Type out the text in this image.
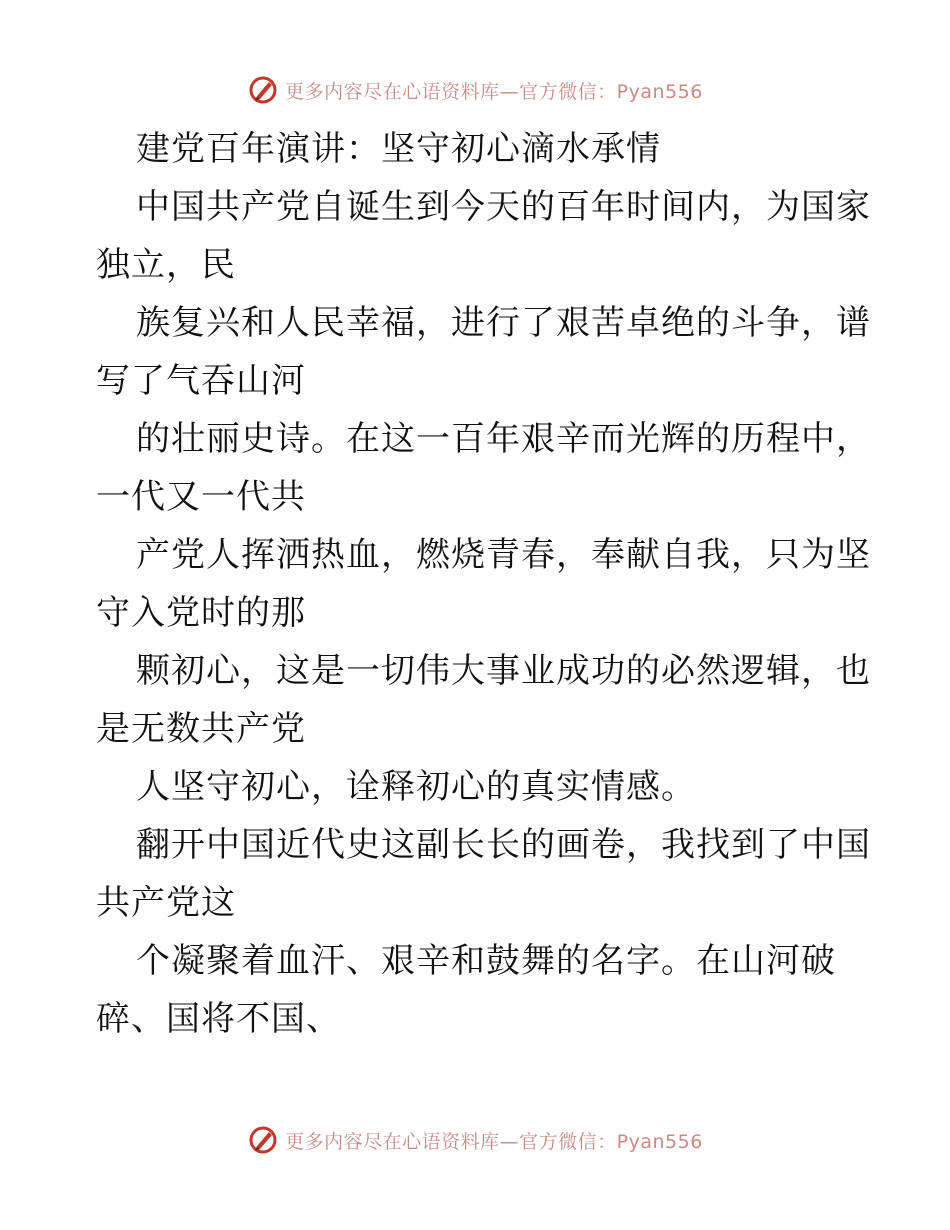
更多内容尽在心语资料库—官方微信：Pyan556
建党百年演讲：坚守初心滴水承情
中国共产党自诞生到今天的百年时间内，为国家
独立，民
族复兴和人民幸福，进行了艰苦卓绝的斗争，谱
写了气吞山河
的壮丽史诗。在这一百年艰辛而光辉的历程中，
一代又一代共
产党人挥洒热血，燃烧青春，奉献自我，只为坚
守入党时的那
颗初心，这是一切伟大事业成功的必然逻辑，也
是无数共产党
人坚守初心，诠释初心的真实情感。
翻开中国近代史这副长长的画卷，我找到了中国
共产党这
个凝聚着血汗、艰辛和鼓舞的名字。在山河破
碎、国将不国、
更多内容尽在心语资料库—官方微信：Pyan556
